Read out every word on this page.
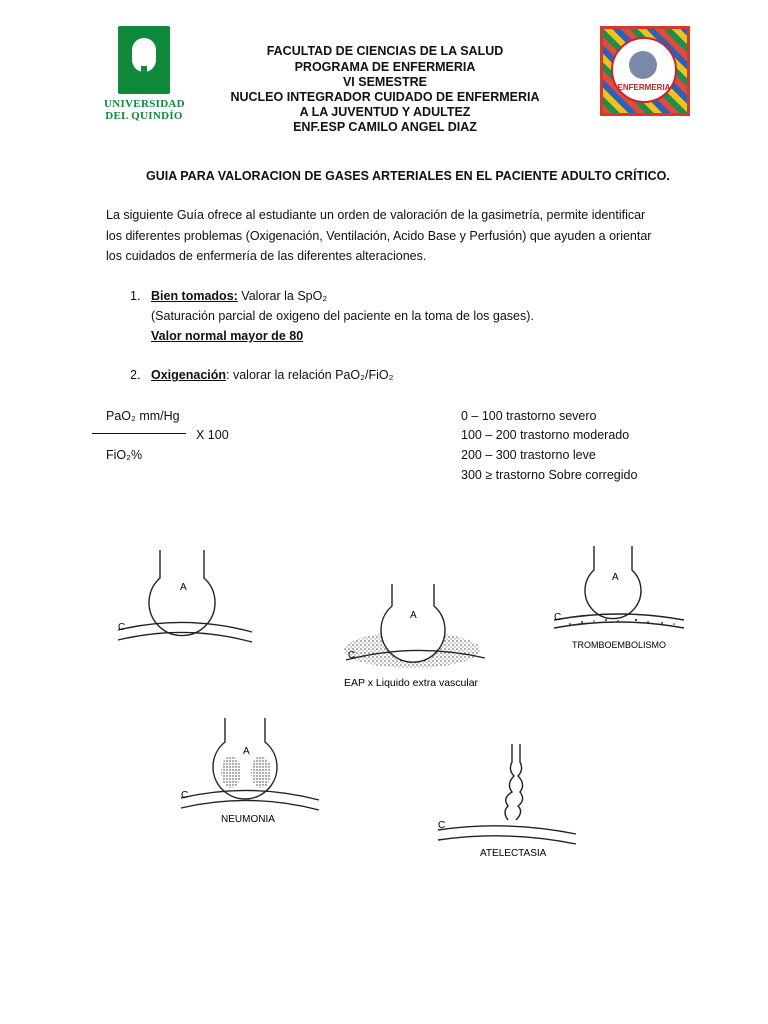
UNIVERSIDAD
DEL QUINDÍO
ENFERMERIA
FACULTAD DE CIENCIAS DE LA SALUD
PROGRAMA DE ENFERMERIA
VI SEMESTRE
NUCLEO INTEGRADOR CUIDADO DE ENFERMERIA
A LA JUVENTUD Y ADULTEZ
ENF.ESP CAMILO ANGEL DIAZ
GUIA PARA VALORACION DE GASES ARTERIALES EN EL PACIENTE ADULTO CRÍTICO.
La siguiente Guía ofrece al estudiante un orden de valoración de la gasimetría, permite identificar
los diferentes problemas (Oxigenación, Ventilación, Acido Base y Perfusión) que ayuden a orientar
los cuidados de enfermería de las diferentes alteraciones.
1. Bien tomados: Valorar la SpO₂
(Saturación parcial de oxigeno del paciente en la toma de los gases).
Valor normal mayor de 80
2. Oxigenación: valorar la relación PaO₂/FiO₂
PaO₂ mm/Hg
X 100
FiO₂%
0 – 100 trastorno severo
100 – 200 trastorno moderado
200 – 300 trastorno leve
300 ≥ trastorno Sobre corregido
A
C
A
C
EAP x Liquido extra vascular
A
C
TROMBOEMBOLISMO
A
C
NEUMONIA
C
ATELECTASIA
